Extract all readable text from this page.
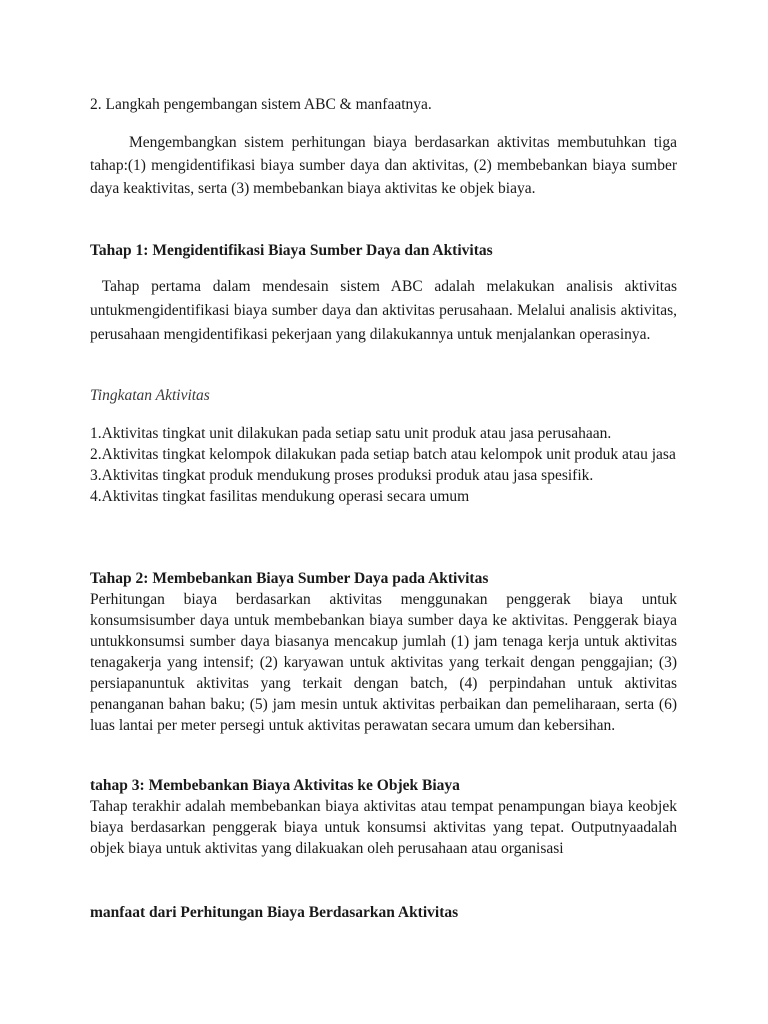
2. Langkah pengembangan sistem ABC & manfaatnya.

Mengembangkan sistem perhitungan biaya berdasarkan aktivitas membutuhkan tiga tahap:(1) mengidentifikasi biaya sumber daya dan aktivitas, (2) membebankan biaya sumber daya keaktivitas, serta (3) membebankan biaya aktivitas ke objek biaya.

Tahap 1: Mengidentifikasi Biaya Sumber Daya dan Aktivitas

Tahap pertama dalam mendesain sistem ABC adalah melakukan analisis aktivitas untukmengidentifikasi biaya sumber daya dan aktivitas perusahaan. Melalui analisis aktivitas, perusahaan mengidentifikasi pekerjaan yang dilakukannya untuk menjalankan operasinya.

Tingkatan Aktivitas

1.Aktivitas tingkat unit dilakukan pada setiap satu unit produk atau jasa perusahaan.

2.Aktivitas tingkat kelompok dilakukan pada setiap batch atau kelompok unit produk atau jasa

3.Aktivitas tingkat produk mendukung proses produksi produk atau jasa spesifik.

4.Aktivitas tingkat fasilitas mendukung operasi secara umum

Tahap 2: Membebankan Biaya Sumber Daya pada Aktivitas

Perhitungan biaya berdasarkan aktivitas menggunakan penggerak biaya untuk konsumsisumber daya untuk membebankan biaya sumber daya ke aktivitas. Penggerak biaya untukkonsumsi sumber daya biasanya mencakup jumlah (1) jam tenaga kerja untuk aktivitas tenagakerja yang intensif; (2) karyawan untuk aktivitas yang terkait dengan penggajian; (3) persiapanuntuk aktivitas yang terkait dengan batch, (4) perpindahan untuk aktivitas penanganan bahan baku; (5) jam mesin untuk aktivitas perbaikan dan pemeliharaan, serta (6) luas lantai per meter persegi untuk aktivitas perawatan secara umum dan kebersihan.

tahap 3: Membebankan Biaya Aktivitas ke Objek Biaya

Tahap terakhir adalah membebankan biaya aktivitas atau tempat penampungan biaya keobjek biaya berdasarkan penggerak biaya untuk konsumsi aktivitas yang tepat. Outputnyaadalah objek biaya untuk aktivitas yang dilakuakan oleh perusahaan atau organisasi

manfaat dari Perhitungan Biaya Berdasarkan Aktivitas
